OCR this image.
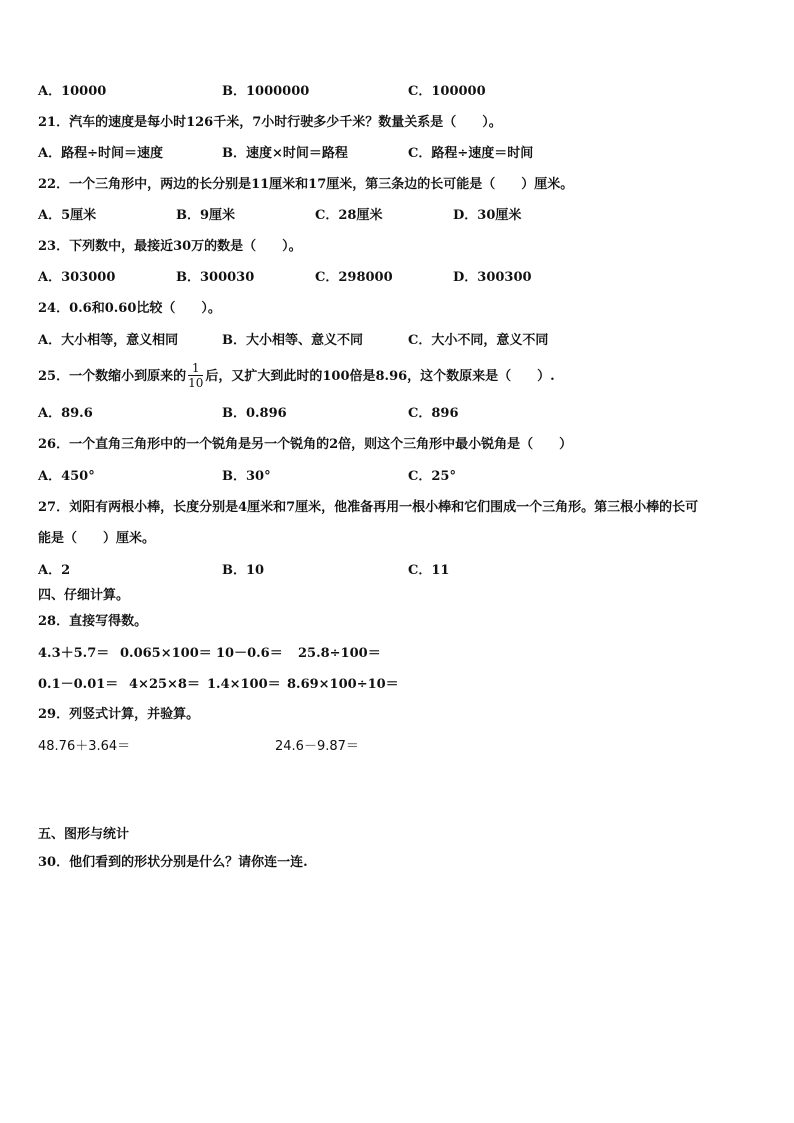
A．10000	B．1000000	C．100000
21．汽车的速度是每小时126千米，7小时行驶多少千米？数量关系是（　　）。
A．路程÷时间＝速度	B．速度×时间＝路程	C．路程÷速度＝时间
22．一个三角形中，两边的长分别是11厘米和17厘米，第三条边的长可能是（　　）厘米。
A．5厘米	B．9厘米	C．28厘米	D．30厘米
23．下列数中，最接近30万的数是（　　）。
A．303000	B．300030	C．298000	D．300300
24．0.6和0.60比较（　　）。
A．大小相等，意义相同	B．大小相等、意义不同	C．大小不同，意义不同
25．一个数缩小到原来的 $\frac{1}{10}$ 后，又扩大到此时的100倍是8.96，这个数原来是（　　）.
A．89.6	B．0.896	C．896
26．一个直角三角形中的一个锐角是另一个锐角的2倍，则这个三角形中最小锐角是（　　）
A．450°	B．30°	C．25°
27．刘阳有两根小棒，长度分别是4厘米和7厘米，他准备再用一根小棒和它们围成一个三角形。第三根小棒的长可
能是（　　）厘米。
A．2	B．10	C．11
四、仔细计算。
28．直接写得数。
4.3＋5.7＝ 0.065×100＝ 10－0.6＝ 25.8÷100＝
0.1－0.01＝ 4×25×8＝ 1.4×100＝ 8.69×100÷10＝
29．列竖式计算，并验算。
48.76＋3.64＝	24.6－9.87＝
五、图形与统计
30．他们看到的形状分别是什么？请你连一连.
